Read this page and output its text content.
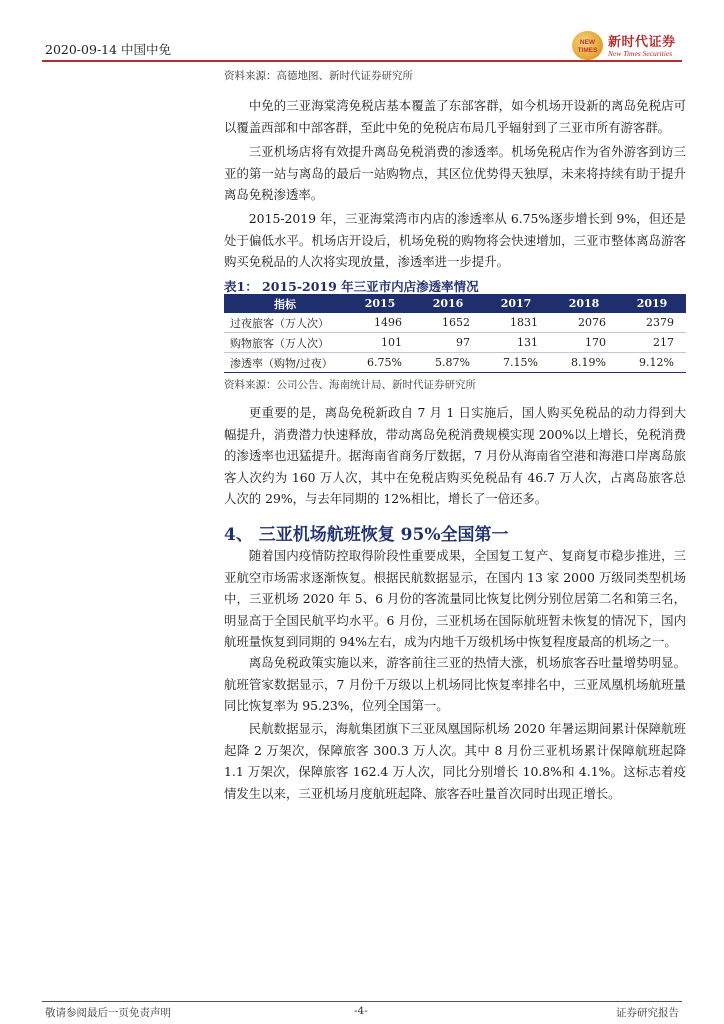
2020-09-14 中国中免	NEW
TIMES 新时代证券
New Times Securities
资料来源：高德地图、新时代证券研究所

中免的三亚海棠湾免税店基本覆盖了东部客群，如今机场开设新的离岛免税店可以覆盖西部和中部客群，至此中免的免税店布局几乎辐射到了三亚市所有游客群。

三亚机场店将有效提升离岛免税消费的渗透率。机场免税店作为省外游客到访三亚的第一站与离岛的最后一站购物点，其区位优势得天独厚，未来将持续有助于提升离岛免税渗透率。

2015-2019 年，三亚海棠湾市内店的渗透率从 6.75%逐步增长到 9%，但还是处于偏低水平。机场店开设后，机场免税的购物将会快速增加，三亚市整体离岛游客购买免税品的人次将实现放量，渗透率进一步提升。

表1： 2015-2019 年三亚市内店渗透率情况
指标	2015	2016	2017	2018	2019
过夜旅客（万人次）	1496	1652	1831	2076	2379
购物旅客（万人次）	101	97	131	170	217
渗透率（购物/过夜）	6.75%	5.87%	7.15%	8.19%	9.12%
资料来源：公司公告、海南统计局、新时代证券研究所

更重要的是，离岛免税新政自 7 月 1 日实施后，国人购买免税品的动力得到大幅提升，消费潜力快速释放，带动离岛免税消费规模实现 200%以上增长，免税消费的渗透率也迅猛提升。据海南省商务厅数据，7 月份从海南省空港和海港口岸离岛旅客人次约为 160 万人次，其中在免税店购买免税品有 46.7 万人次，占离岛旅客总人次的 29%，与去年同期的 12%相比，增长了一倍还多。

4、 三亚机场航班恢复 95%全国第一

随着国内疫情防控取得阶段性重要成果，全国复工复产、复商复市稳步推进，三亚航空市场需求逐渐恢复。根据民航数据显示，在国内 13 家 2000 万级同类型机场中，三亚机场 2020 年 5、6 月份的客流量同比恢复比例分别位居第二名和第三名，明显高于全国民航平均水平。6 月份，三亚机场在国际航班暂未恢复的情况下，国内航班量恢复到同期的 94%左右，成为内地千万级机场中恢复程度最高的机场之一。

离岛免税政策实施以来，游客前往三亚的热情大涨，机场旅客吞吐量增势明显。航班管家数据显示，7 月份千万级以上机场同比恢复率排名中，三亚凤凰机场航班量同比恢复率为 95.23%，位列全国第一。

民航数据显示，海航集团旗下三亚凤凰国际机场 2020 年暑运期间累计保障航班起降 2 万架次，保障旅客 300.3 万人次。其中 8 月份三亚机场累计保障航班起降 1.1 万架次，保障旅客 162.4 万人次，同比分别增长 10.8%和 4.1%。这标志着疫情发生以来，三亚机场月度航班起降、旅客吞吐量首次同时出现正增长。

敬请参阅最后一页免责声明	-4-	证券研究报告
